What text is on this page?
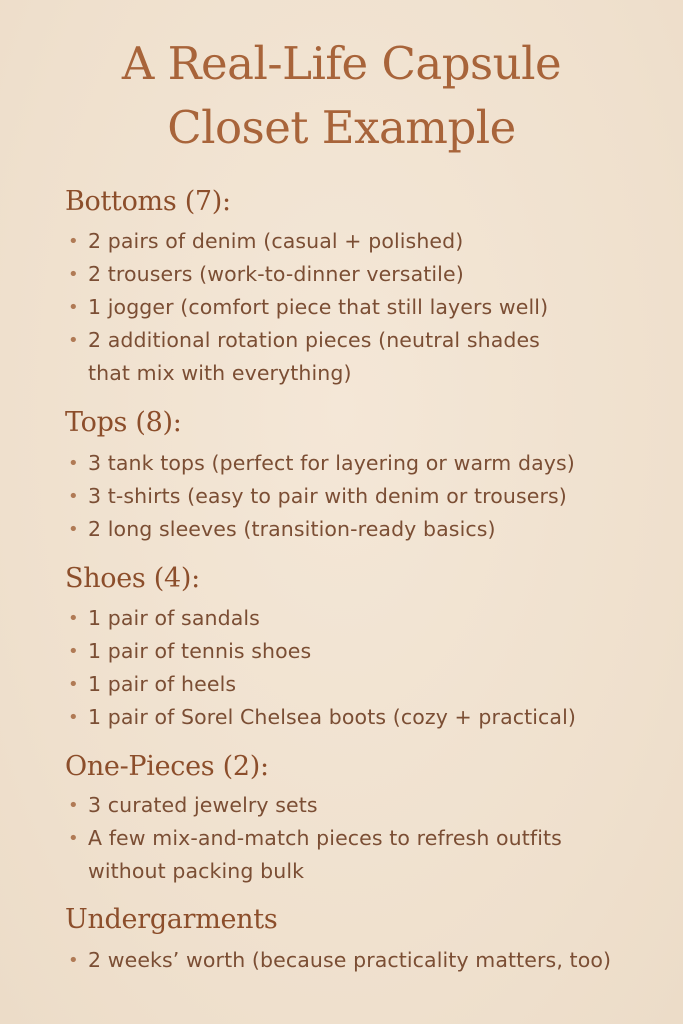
A Real-Life Capsule
Closet Example
Bottoms (7):
• 2 pairs of denim (casual + polished)
• 2 trousers (work-to-dinner versatile)
• 1 jogger (comfort piece that still layers well)
• 2 additional rotation pieces (neutral shades
that mix with everything)
Tops (8):
• 3 tank tops (perfect for layering or warm days)
• 3 t-shirts (easy to pair with denim or trousers)
• 2 long sleeves (transition-ready basics)
Shoes (4):
• 1 pair of sandals
• 1 pair of tennis shoes
• 1 pair of heels
• 1 pair of Sorel Chelsea boots (cozy + practical)
One-Pieces (2):
• 3 curated jewelry sets
• A few mix-and-match pieces to refresh outfits
without packing bulk
Undergarments
• 2 weeks’ worth (because practicality matters, too)
